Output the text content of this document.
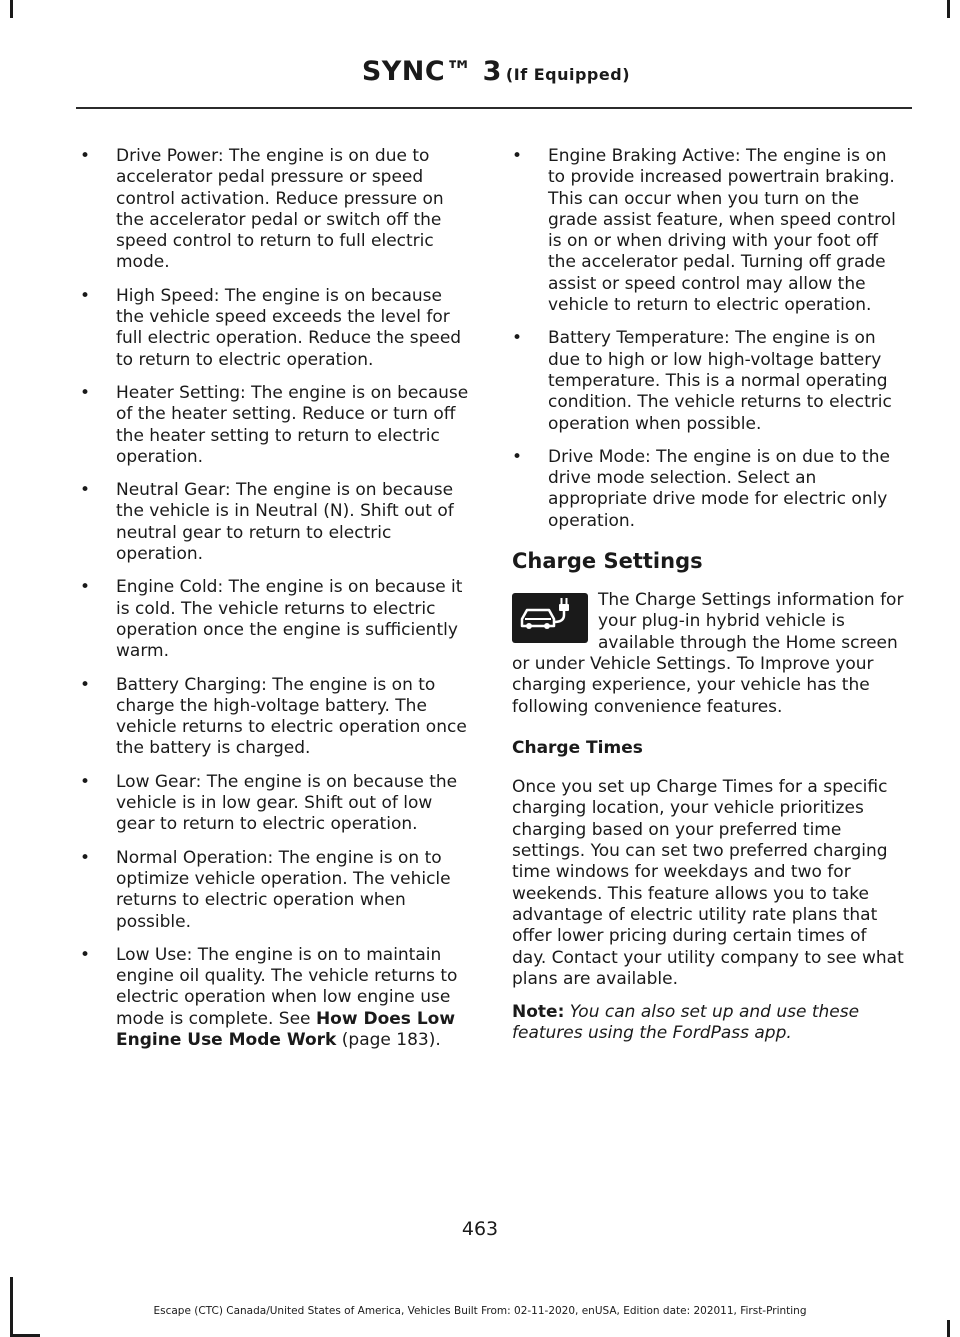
SYNC™ 3 (If Equipped)
• Drive Power: The engine is on due to accelerator pedal pressure or speed control activation. Reduce pressure on the accelerator pedal or switch off the speed control to return to full electric mode.
• High Speed: The engine is on because the vehicle speed exceeds the level for full electric operation. Reduce the speed to return to electric operation.
• Heater Setting: The engine is on because of the heater setting. Reduce or turn off the heater setting to return to electric operation.
• Neutral Gear: The engine is on because the vehicle is in Neutral (N). Shift out of neutral gear to return to electric operation.
• Engine Cold: The engine is on because it is cold. The vehicle returns to electric operation once the engine is sufficiently warm.
• Battery Charging: The engine is on to charge the high-voltage battery. The vehicle returns to electric operation once the battery is charged.
• Low Gear: The engine is on because the vehicle is in low gear. Shift out of low gear to return to electric operation.
• Normal Operation: The engine is on to optimize vehicle operation. The vehicle returns to electric operation when possible.
• Low Use: The engine is on to maintain engine oil quality. The vehicle returns to electric operation when low engine use mode is complete. See How Does Low Engine Use Mode Work (page 183).
• Engine Braking Active: The engine is on to provide increased powertrain braking. This can occur when you turn on the grade assist feature, when speed control is on or when driving with your foot off the accelerator pedal. Turning off grade assist or speed control may allow the vehicle to return to electric operation.
• Battery Temperature: The engine is on due to high or low high-voltage battery temperature. This is a normal operating condition. The vehicle returns to electric operation when possible.
• Drive Mode: The engine is on due to the drive mode selection. Select an appropriate drive mode for electric only operation.
Charge Settings

The Charge Settings information for your plug-in hybrid vehicle is available through the Home screen or under Vehicle Settings. To Improve your charging experience, your vehicle has the following convenience features.

Charge Times

Once you set up Charge Times for a specific charging location, your vehicle prioritizes charging based on your preferred time settings. You can set two preferred charging time windows for weekdays and two for weekends. This feature allows you to take advantage of electric utility rate plans that offer lower pricing during certain times of day. Contact your utility company to see what plans are available.

Note: You can also set up and use these features using the FordPass app.

463
Escape (CTC) Canada/United States of America, Vehicles Built From: 02-11-2020, enUSA, Edition date: 202011, First-Printing
